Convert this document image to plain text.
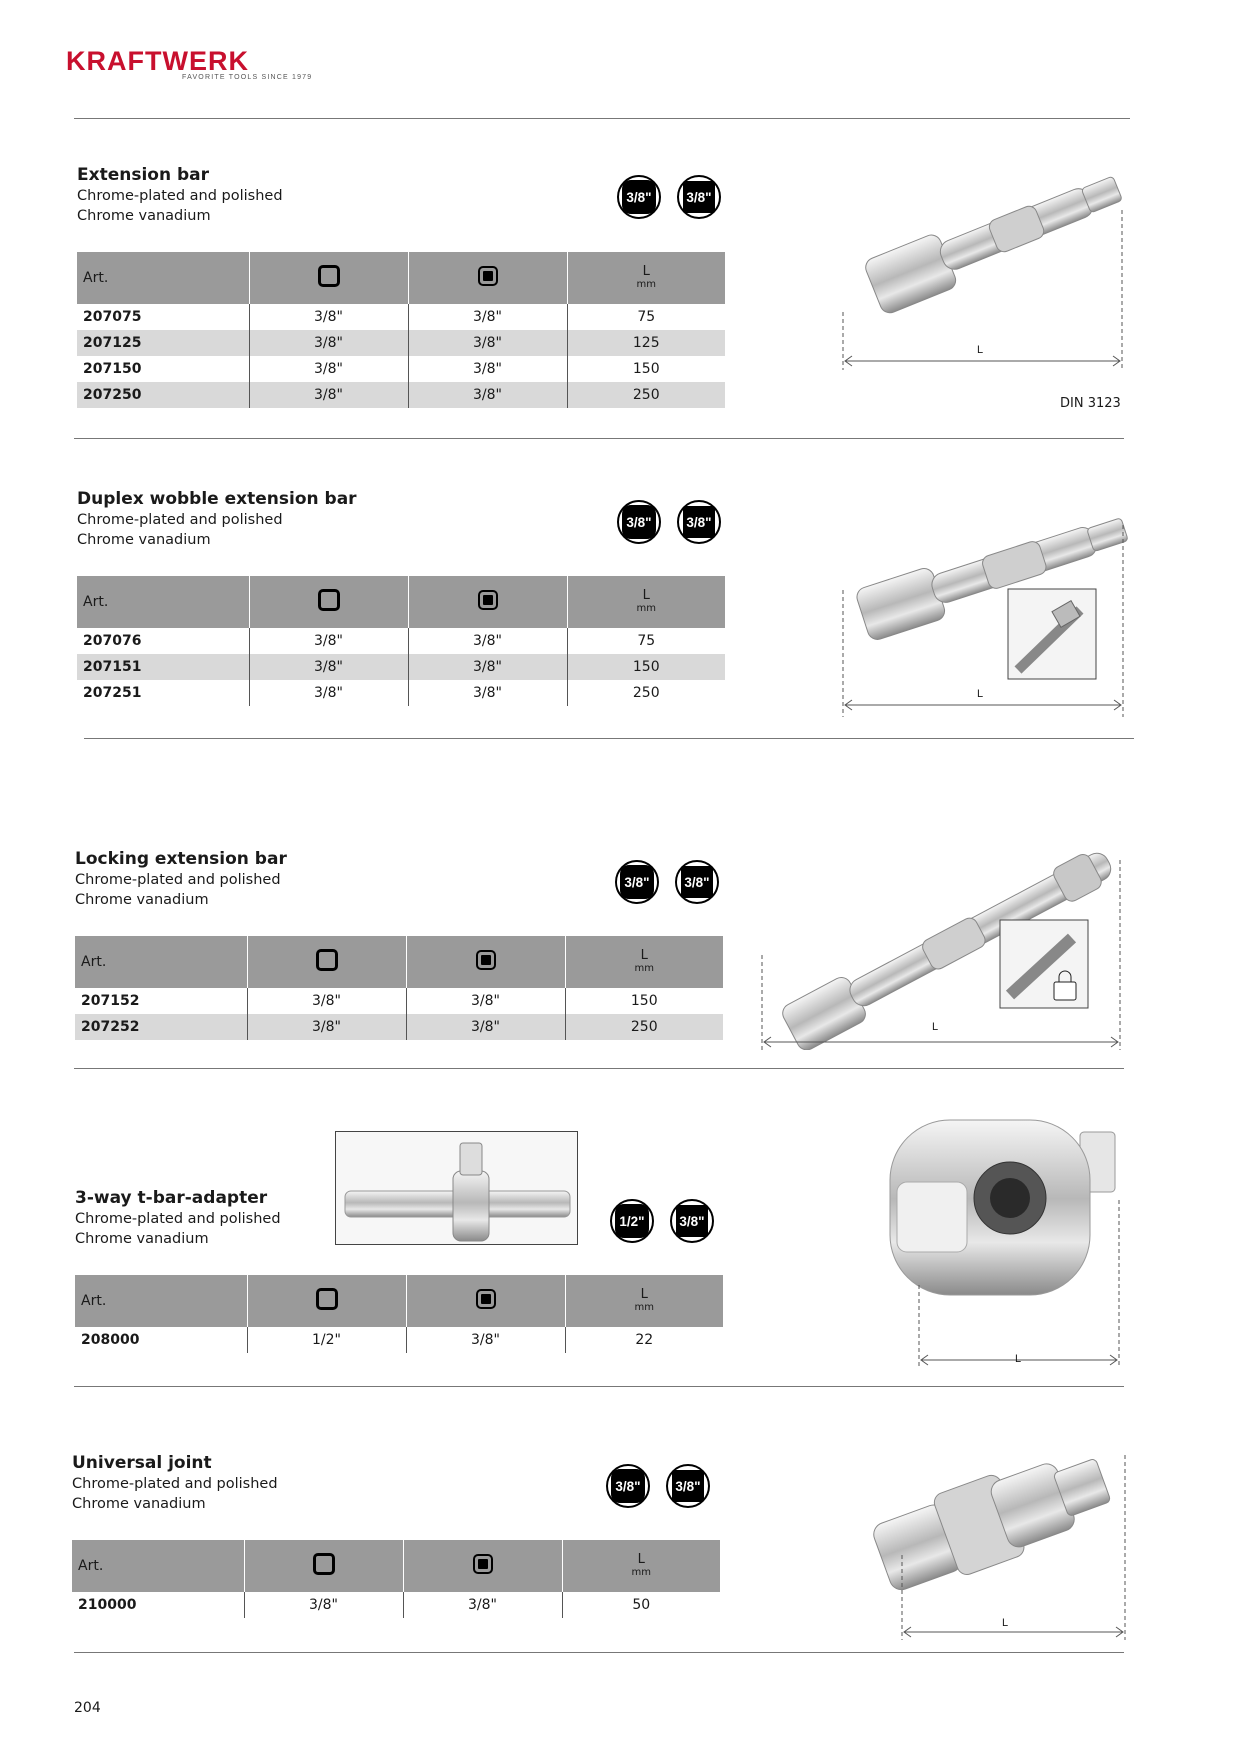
KRAFTWERK
FAVORITE TOOLS SINCE 1979
Extension bar
Chrome-plated and polished
Chrome vanadium
3/8"	3/8"
Art.			L
mm

207075	3/8"	3/8"	75
207125	3/8"	3/8"	125
207150	3/8"	3/8"	150
207250	3/8"	3/8"	250
L
DIN 3123
Duplex wobble extension bar
Chrome-plated and polished
Chrome vanadium
3/8"	3/8"
Art.			L
mm

207076	3/8"	3/8"	75
207151	3/8"	3/8"	150
207251	3/8"	3/8"	250	L
Locking extension bar
Chrome-plated and polished
Chrome vanadium
3/8"	3/8"
Art.			L
mm

207152	3/8"	3/8"	150
207252	3/8"	3/8"	250	L
3-way t-bar-adapter
Chrome-plated and polished
Chrome vanadium
1/2"	3/8"
Art.			L
mm

208000	1/2"	3/8"	22
L
Universal joint
Chrome-plated and polished
Chrome vanadium
3/8"	3/8"
Art.			L
mm

210000	3/8"	3/8"	50
L
204
